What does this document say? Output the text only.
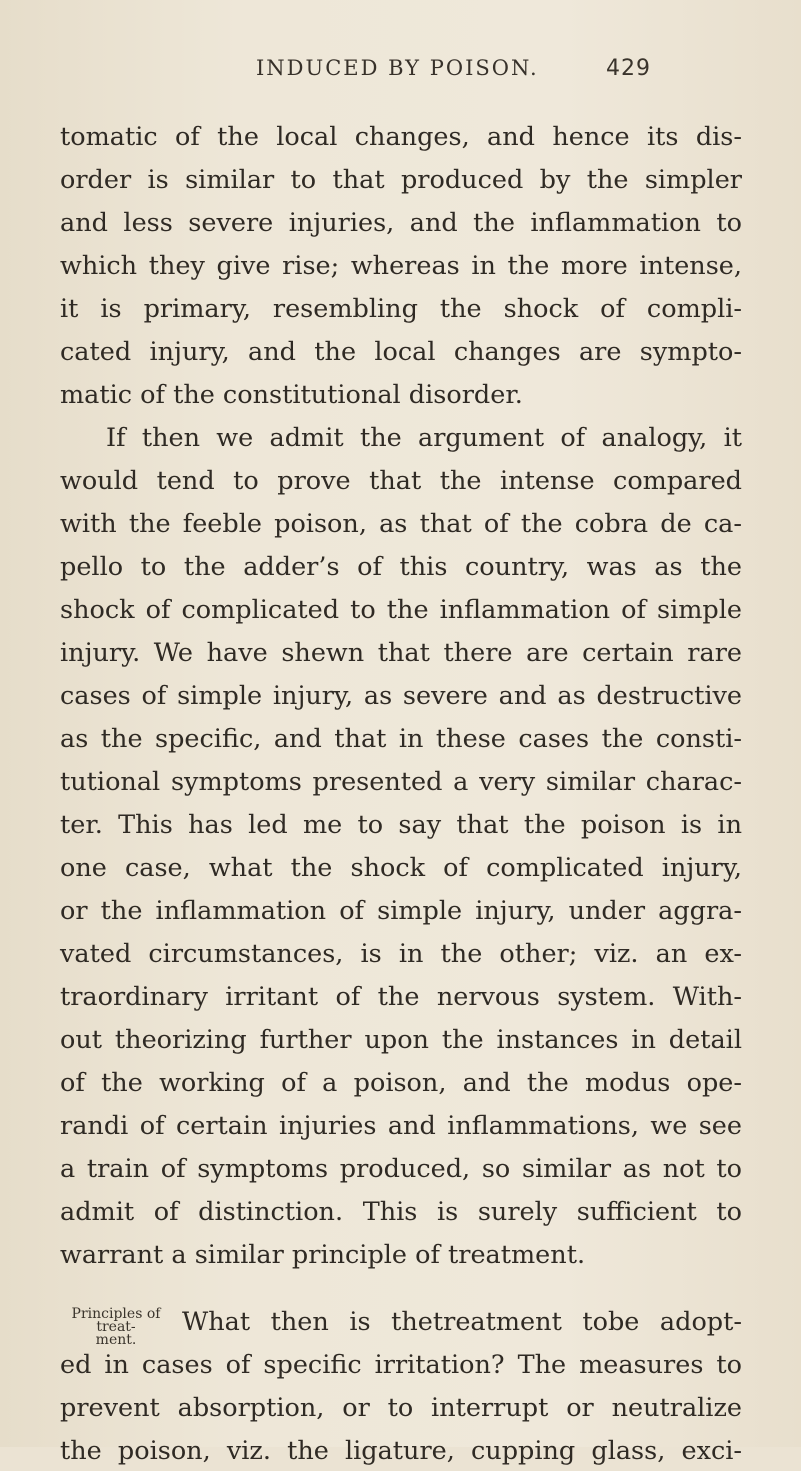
INDUCED BY POISON.	429
tomatic of the local changes, and hence its dis-
order is similar to that produced by the simpler
and less severe injuries, and the inflammation to
which they give rise; whereas in the more intense,
it is primary, resembling the shock of compli-
cated injury, and the local changes are sympto-
matic of the constitutional disorder.
If then we admit the argument of analogy, it
would tend to prove that the intense compared
with the feeble poison, as that of the cobra de ca-
pello to the adder’s of this country, was as the
shock of complicated to the inflammation of simple
injury. We have shewn that there are certain rare
cases of simple injury, as severe and as destructive
as the specific, and that in these cases the consti-
tutional symptoms presented a very similar charac-
ter. This has led me to say that the poison is in
one case, what the shock of complicated injury,
or the inflammation of simple injury, under aggra-
vated circumstances, is in the other; viz. an ex-
traordinary irritant of the nervous system. With-
out theorizing further upon the instances in detail
of the working of a poison, and the modus ope-
randi of certain injuries and inflammations, we see
a train of symptoms produced, so similar as not to
admit of distinction. This is surely sufficient to
warrant a similar principle of treatment.
Principles of treat-
ment.
What then is thetreatment tobe adopt-
ed in cases of specific irritation? The measures to
prevent absorption, or to interrupt or neutralize
the poison, viz. the ligature, cupping glass, exci-
